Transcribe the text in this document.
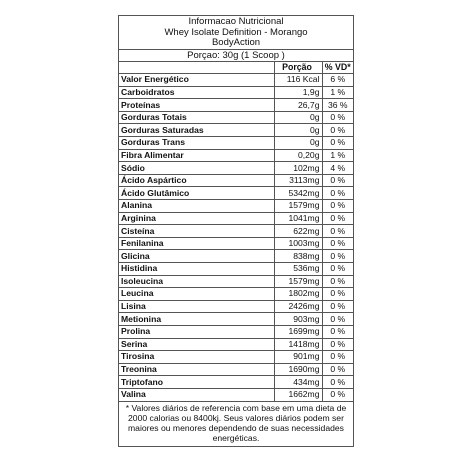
Informacao Nutricional
Whey Isolate Definition - Morango
BodyAction
Porçao: 30g (1 Scoop )
	Porção	% VD*
Valor Energético	116 Kcal	6 %
Carboidratos	1,9g	1 %
Proteínas	26,7g	36 %
Gorduras Totais	0g	0 %
Gorduras Saturadas	0g	0 %
Gorduras Trans	0g	0 %
Fibra Alimentar	0,20g	1 %
Sódio	102mg	4 %
Ácido Aspártico	3113mg	0 %
Ácido Glutâmico	5342mg	0 %
Alanina	1579mg	0 %
Arginina	1041mg	0 %
Cisteína	622mg	0 %
Fenilanina	1003mg	0 %
Glicina	838mg	0 %
Histidina	536mg	0 %
Isoleucina	1579mg	0 %
Leucina	1802mg	0 %
Lisina	2426mg	0 %
Metionina	903mg	0 %
Prolina	1699mg	0 %
Serina	1418mg	0 %
Tirosina	901mg	0 %
Treonina	1690mg	0 %
Triptofano	434mg	0 %
Valina	1662mg	0 %
* Valores diários de referencia com base em uma dieta de 2000 calorias ou 8400kj. Seus valores diários podem ser maiores ou menores dependendo de suas necessidades energéticas.
